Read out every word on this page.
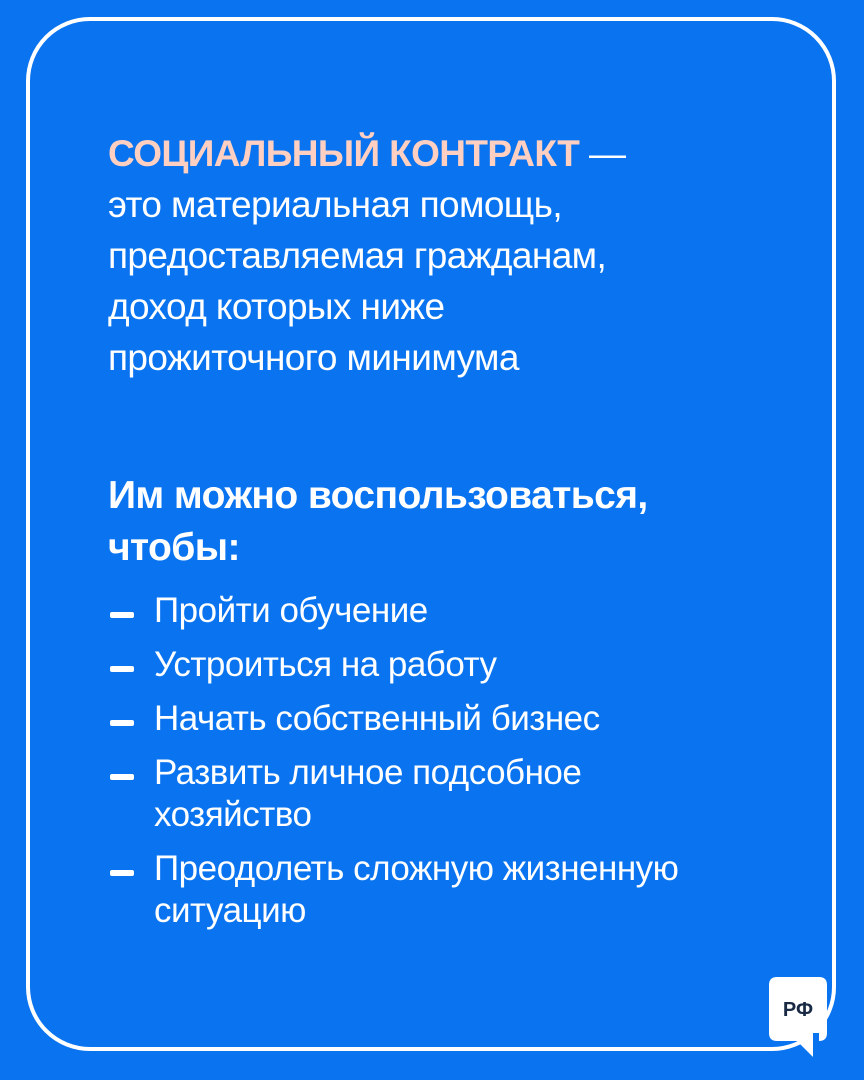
СОЦИАЛЬНЫЙ КОНТРАКТ —
это материальная помощь,
предоставляемая гражданам,
доход которых ниже
прожиточного минимума
Им можно воспользоваться,
чтобы:
Пройти обучение
Устроиться на работу
Начать собственный бизнес
Развить личное подсобное
хозяйство
Преодолеть сложную жизненную
ситуацию
РФ
